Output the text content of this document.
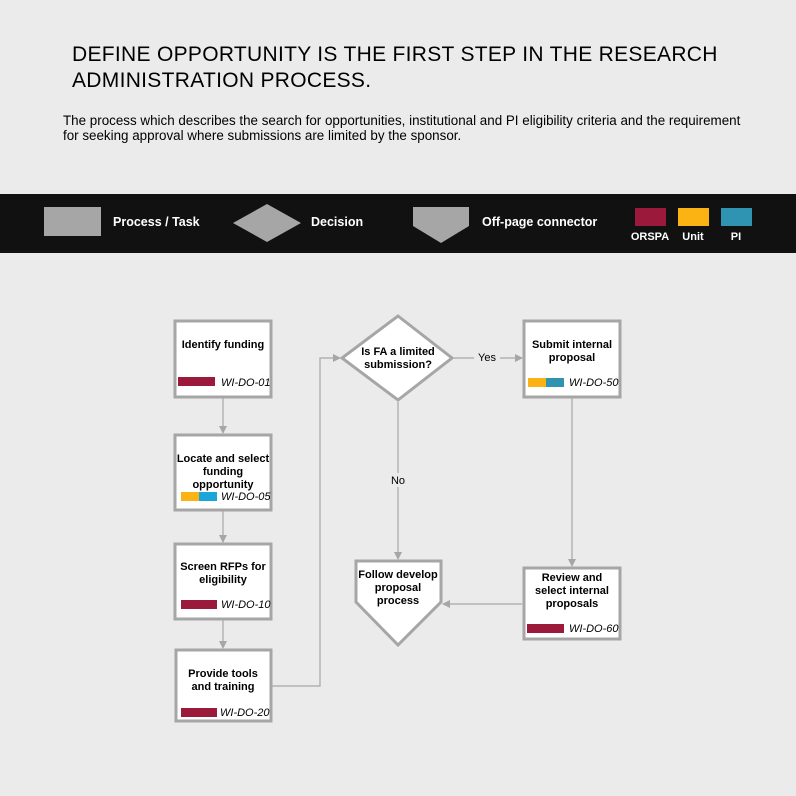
DEFINE OPPORTUNITY IS THE FIRST STEP IN THE RESEARCH
ADMINISTRATION PROCESS.
The process which describes the search for opportunities, institutional and PI eligibility criteria and the requirement
for seeking approval where submissions are limited by the sponsor.
Process / Task	Decision	Off-page connector
ORSPA	Unit	PI
Yes
No
Identify funding
WI-DO-01
Locate and select
funding
opportunity
WI-DO-05
Screen RFPs for
eligibility
WI-DO-10
Provide tools
and training
WI-DO-20
Is FA a limited
submission?
Submit internal
proposal
WI-DO-50
Review and
select internal
proposals
WI-DO-60
Follow develop
proposal
process
